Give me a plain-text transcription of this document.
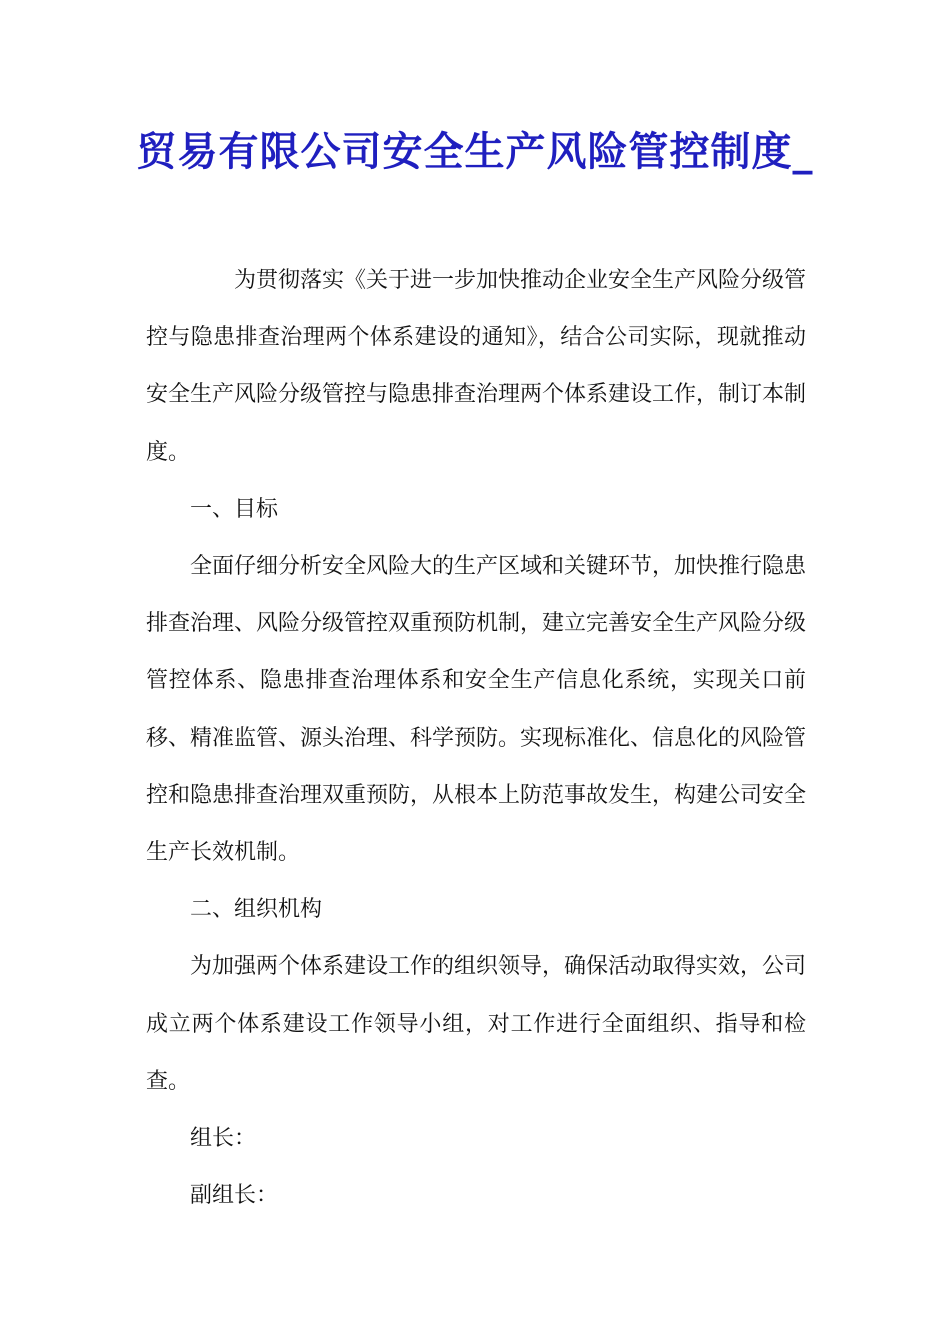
贸易有限公司安全生产风险管控制度_

为贯彻落实《关于进一步加快推动企业安全生产风险分级管控与隐患排查治理两个体系建设的通知》，结合公司实际，现就推动安全生产风险分级管控与隐患排查治理两个体系建设工作，制订本制度。

一、目标

全面仔细分析安全风险大的生产区域和关键环节，加快推行隐患排查治理、风险分级管控双重预防机制，建立完善安全生产风险分级管控体系、隐患排查治理体系和安全生产信息化系统，实现关口前移、精准监管、源头治理、科学预防。实现标准化、信息化的风险管控和隐患排查治理双重预防，从根本上防范事故发生，构建公司安全生产长效机制。

二、组织机构

为加强两个体系建设工作的组织领导，确保活动取得实效，公司成立两个体系建设工作领导小组，对工作进行全面组织、指导和检查。

组长：

副组长：
